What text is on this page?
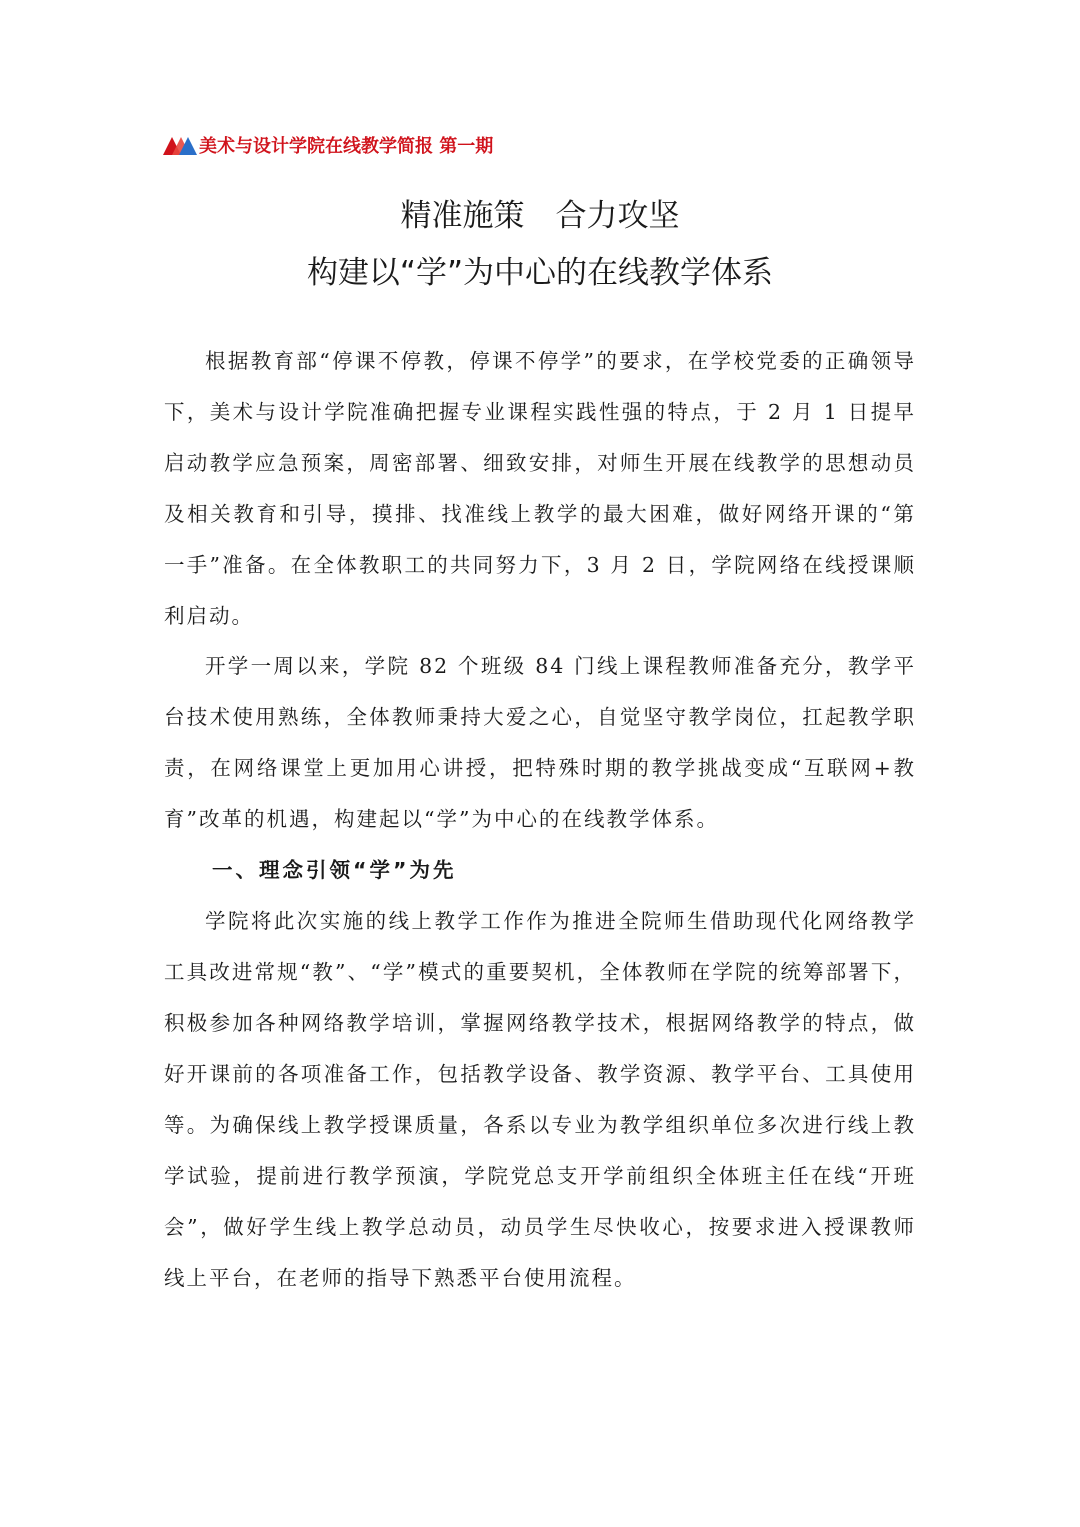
美术与设计学院在线教学简报 第一期
精准施策　合力攻坚
构建以“学”为中心的在线教学体系
根据教育部“停课不停教，停课不停学”的要求，在学校党委的正确领导下，美术与设计学院准确把握专业课程实践性强的特点，于 2 月 1 日提早启动教学应急预案，周密部署、细致安排，对师生开展在线教学的思想动员及相关教育和引导，摸排、找准线上教学的最大困难，做好网络开课的“第一手”准备。在全体教职工的共同努力下，3 月 2 日，学院网络在线授课顺利启动。
开学一周以来，学院 82 个班级 84 门线上课程教师准备充分，教学平台技术使用熟练，全体教师秉持大爱之心，自觉坚守教学岗位，扛起教学职责，在网络课堂上更加用心讲授，把特殊时期的教学挑战变成“互联网+教育”改革的机遇，构建起以“学”为中心的在线教学体系。
一、理念引领“学”为先
学院将此次实施的线上教学工作作为推进全院师生借助现代化网络教学工具改进常规“教”、“学”模式的重要契机，全体教师在学院的统筹部署下，积极参加各种网络教学培训，掌握网络教学技术，根据网络教学的特点，做好开课前的各项准备工作，包括教学设备、教学资源、教学平台、工具使用等。为确保线上教学授课质量，各系以专业为教学组织单位多次进行线上教学试验，提前进行教学预演，学院党总支开学前组织全体班主任在线“开班会”，做好学生线上教学总动员，动员学生尽快收心，按要求进入授课教师线上平台，在老师的指导下熟悉平台使用流程。
